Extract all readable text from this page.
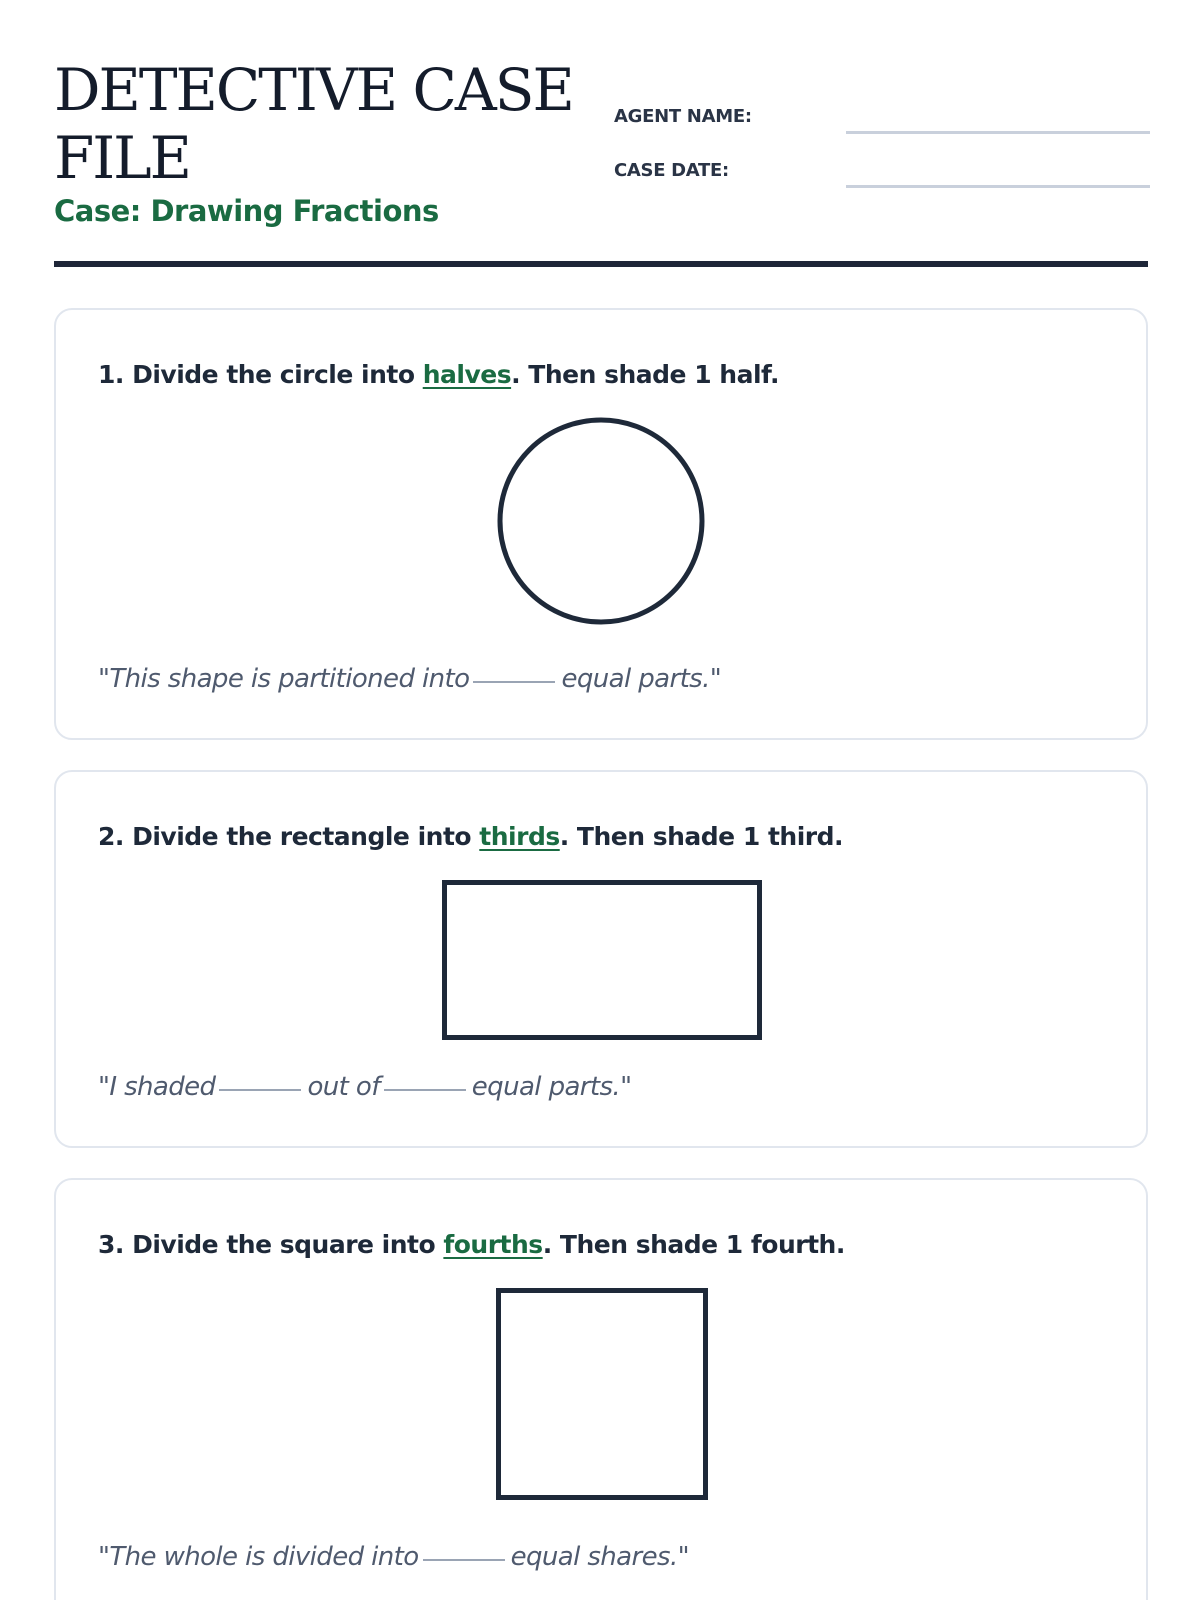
DETECTIVE CASE FILE
Case: Drawing Fractions
AGENT NAME:
CASE DATE:
1. Divide the circle into halves. Then shade 1 half.
"This shape is partitioned into	equal parts."
2. Divide the rectangle into thirds. Then shade 1 third.
"I shaded	out of	equal parts."
3. Divide the square into fourths. Then shade 1 fourth.
"The whole is divided into	equal shares."
